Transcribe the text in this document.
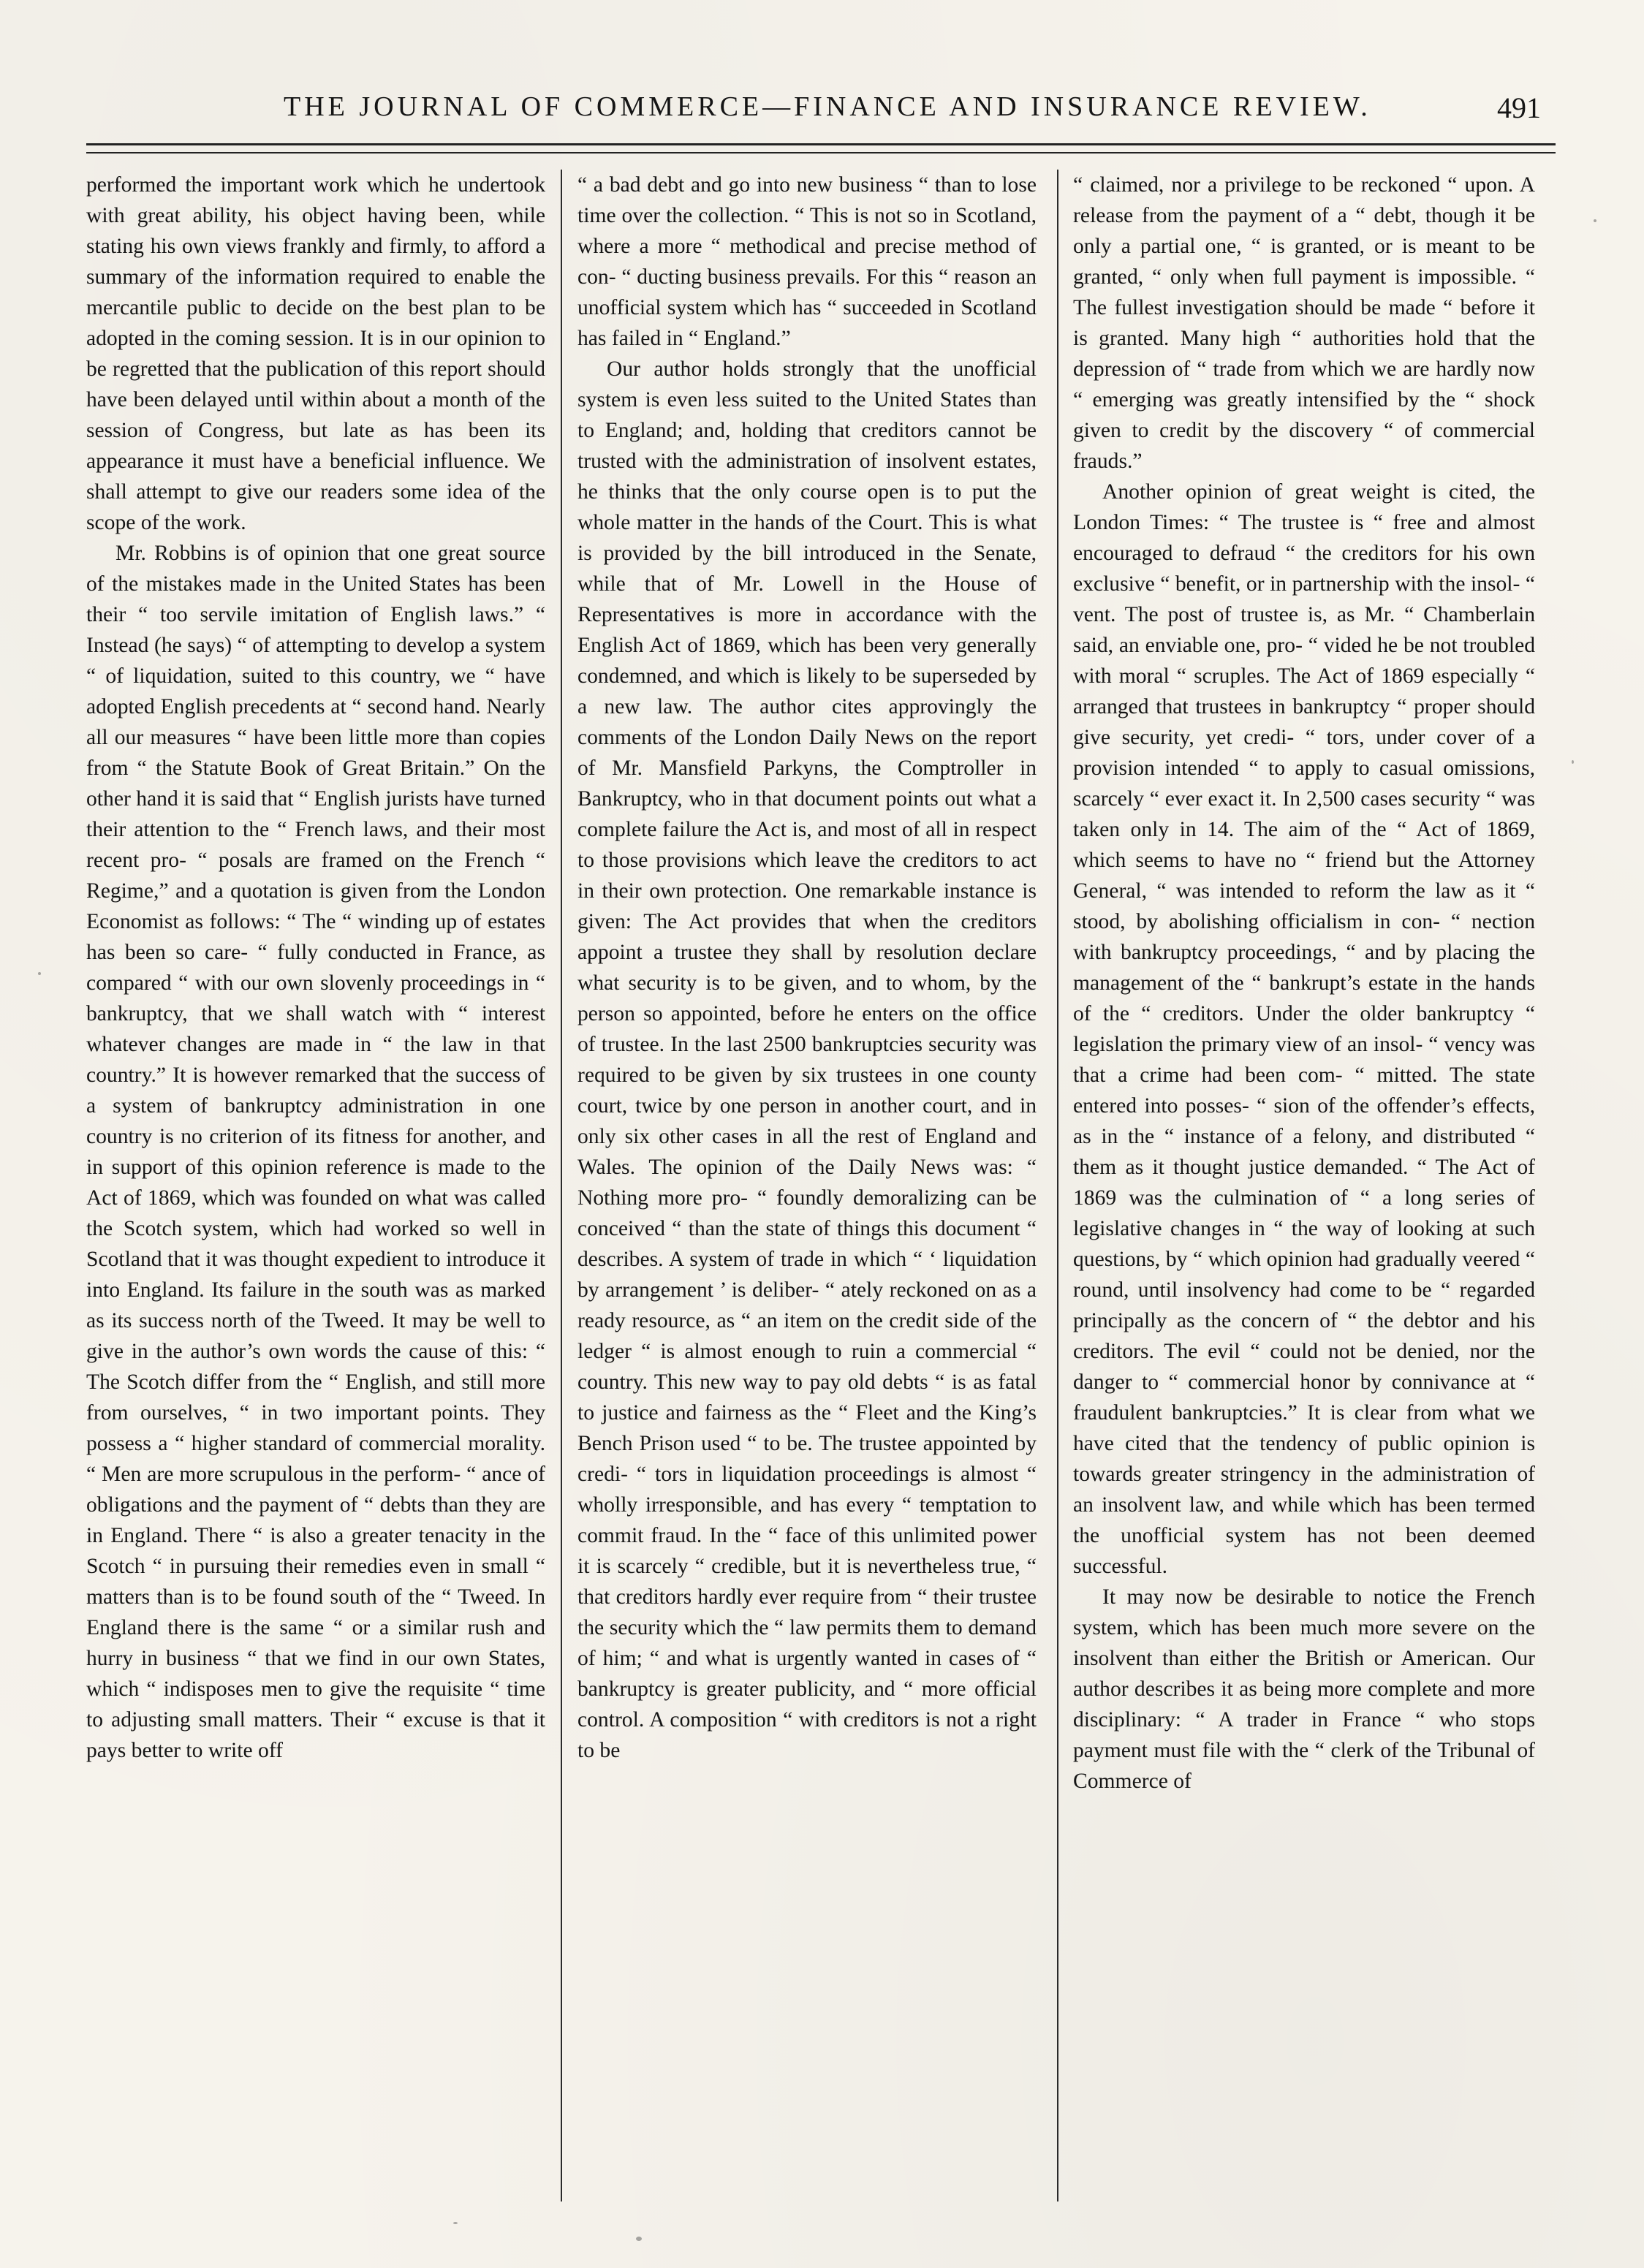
THE JOURNAL OF COMMERCE—FINANCE AND INSURANCE REVIEW.	491

performed the important work which he undertook with great ability, his object having been, while stating his own views frankly and firmly, to afford a summary of the information required to enable the mercantile public to decide on the best plan to be adopted in the coming session. It is in our opinion to be regretted that the publication of this report should have been delayed until within about a month of the session of Congress, but late as has been its appearance it must have a beneficial influence. We shall attempt to give our readers some idea of the scope of the work.

Mr. Robbins is of opinion that one great source of the mistakes made in the United States has been their “ too servile imitation of English laws.” “ Instead (he says) “ of attempting to develop a system “ of liquidation, suited to this country, we “ have adopted English precedents at “ second hand. Nearly all our measures “ have been little more than copies from “ the Statute Book of Great Britain.” On the other hand it is said that “ English jurists have turned their attention to the “ French laws, and their most recent pro- “ posals are framed on the French “ Regime,” and a quotation is given from the London Economist as follows: “ The “ winding up of estates has been so care- “ fully conducted in France, as compared “ with our own slovenly proceedings in “ bankruptcy, that we shall watch with “ interest whatever changes are made in “ the law in that country.” It is however remarked that the success of a system of bankruptcy administration in one country is no criterion of its fitness for another, and in support of this opinion reference is made to the Act of 1869, which was founded on what was called the Scotch system, which had worked so well in Scotland that it was thought expedient to introduce it into England. Its failure in the south was as marked as its success north of the Tweed. It may be well to give in the author’s own words the cause of this: “ The Scotch differ from the “ English, and still more from ourselves, “ in two important points. They possess a “ higher standard of commercial morality. “ Men are more scrupulous in the perform- “ ance of obligations and the payment of “ debts than they are in England. There “ is also a greater tenacity in the Scotch “ in pursuing their remedies even in small “ matters than is to be found south of the “ Tweed. In England there is the same “ or a similar rush and hurry in business “ that we find in our own States, which “ indisposes men to give the requisite “ time to adjusting small matters. Their “ excuse is that it pays better to write off

“ a bad debt and go into new business “ than to lose time over the collection. “ This is not so in Scotland, where a more “ methodical and precise method of con- “ ducting business prevails. For this “ reason an unofficial system which has “ succeeded in Scotland has failed in “ England.”

Our author holds strongly that the unofficial system is even less suited to the United States than to England; and, holding that creditors cannot be trusted with the administration of insolvent estates, he thinks that the only course open is to put the whole matter in the hands of the Court. This is what is provided by the bill introduced in the Senate, while that of Mr. Lowell in the House of Representatives is more in accordance with the English Act of 1869, which has been very generally condemned, and which is likely to be superseded by a new law. The author cites approvingly the comments of the London Daily News on the report of Mr. Mansfield Parkyns, the Comptroller in Bankruptcy, who in that document points out what a complete failure the Act is, and most of all in respect to those provisions which leave the creditors to act in their own protection. One remarkable instance is given: The Act provides that when the creditors appoint a trustee they shall by resolution declare what security is to be given, and to whom, by the person so appointed, before he enters on the office of trustee. In the last 2500 bankruptcies security was required to be given by six trustees in one county court, twice by one person in another court, and in only six other cases in all the rest of England and Wales. The opinion of the Daily News was: “ Nothing more pro- “ foundly demoralizing can be conceived “ than the state of things this document “ describes. A system of trade in which “ ‘ liquidation by arrangement ’ is deliber- “ ately reckoned on as a ready resource, as “ an item on the credit side of the ledger “ is almost enough to ruin a commercial “ country. This new way to pay old debts “ is as fatal to justice and fairness as the “ Fleet and the King’s Bench Prison used “ to be. The trustee appointed by credi- “ tors in liquidation proceedings is almost “ wholly irresponsible, and has every “ temptation to commit fraud. In the “ face of this unlimited power it is scarcely “ credible, but it is nevertheless true, “ that creditors hardly ever require from “ their trustee the security which the “ law permits them to demand of him; “ and what is urgently wanted in cases of “ bankruptcy is greater publicity, and “ more official control. A composition “ with creditors is not a right to be

“ claimed, nor a privilege to be reckoned “ upon. A release from the payment of a “ debt, though it be only a partial one, “ is granted, or is meant to be granted, “ only when full payment is impossible. “ The fullest investigation should be made “ before it is granted. Many high “ authorities hold that the depression of “ trade from which we are hardly now “ emerging was greatly intensified by the “ shock given to credit by the discovery “ of commercial frauds.”

Another opinion of great weight is cited, the London Times: “ The trustee is “ free and almost encouraged to defraud “ the creditors for his own exclusive “ benefit, or in partnership with the insol- “ vent. The post of trustee is, as Mr. “ Chamberlain said, an enviable one, pro- “ vided he be not troubled with moral “ scruples. The Act of 1869 especially “ arranged that trustees in bankruptcy “ proper should give security, yet credi- “ tors, under cover of a provision intended “ to apply to casual omissions, scarcely “ ever exact it. In 2,500 cases security “ was taken only in 14. The aim of the “ Act of 1869, which seems to have no “ friend but the Attorney General, “ was intended to reform the law as it “ stood, by abolishing officialism in con- “ nection with bankruptcy proceedings, “ and by placing the management of the “ bankrupt’s estate in the hands of the “ creditors. Under the older bankruptcy “ legislation the primary view of an insol- “ vency was that a crime had been com- “ mitted. The state entered into posses- “ sion of the offender’s effects, as in the “ instance of a felony, and distributed “ them as it thought justice demanded. “ The Act of 1869 was the culmination of “ a long series of legislative changes in “ the way of looking at such questions, by “ which opinion had gradually veered “ round, until insolvency had come to be “ regarded principally as the concern of “ the debtor and his creditors. The evil “ could not be denied, nor the danger to “ commercial honor by connivance at “ fraudulent bankruptcies.” It is clear from what we have cited that the tendency of public opinion is towards greater stringency in the administration of an insolvent law, and while which has been termed the unofficial system has not been deemed successful.

It may now be desirable to notice the French system, which has been much more severe on the insolvent than either the British or American. Our author describes it as being more complete and more disciplinary: “ A trader in France “ who stops payment must file with the “ clerk of the Tribunal of Commerce of
